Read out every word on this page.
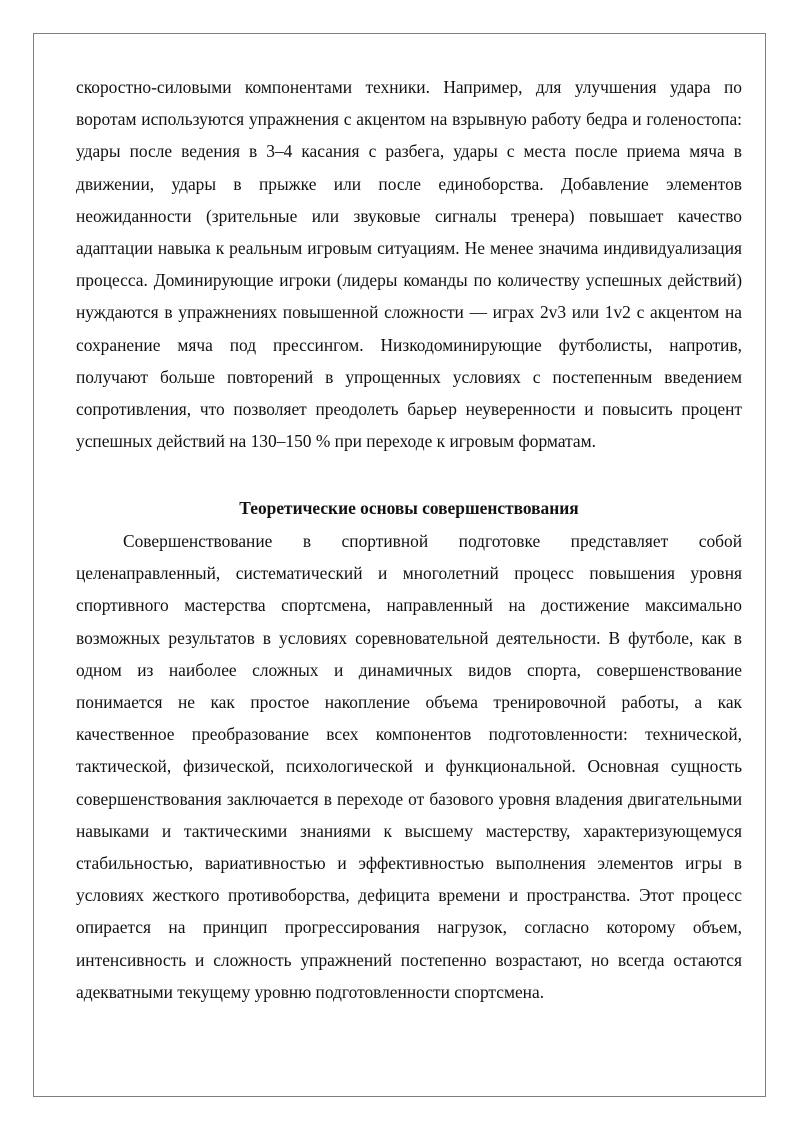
скоростно-силовыми компонентами техники. Например, для улучшения удара по воротам используются упражнения с акцентом на взрывную работу бедра и голеностопа: удары после ведения в 3–4 касания с разбега, удары с места после приема мяча в движении, удары в прыжке или после единоборства. Добавление элементов неожиданности (зрительные или звуковые сигналы тренера) повышает качество адаптации навыка к реальным игровым ситуациям. Не менее значима индивидуализация процесса. Доминирующие игроки (лидеры команды по количеству успешных действий) нуждаются в упражнениях повышенной сложности — играх 2v3 или 1v2 с акцентом на сохранение мяча под прессингом. Низкодоминирующие футболисты, напротив, получают больше повторений в упрощенных условиях с постепенным введением сопротивления, что позволяет преодолеть барьер неуверенности и повысить процент успешных действий на 130–150 % при переходе к игровым форматам.

Теоретические основы совершенствования

Совершенствование в спортивной подготовке представляет собой целенаправленный, систематический и многолетний процесс повышения уровня спортивного мастерства спортсмена, направленный на достижение максимально возможных результатов в условиях соревновательной деятельности. В футболе, как в одном из наиболее сложных и динамичных видов спорта, совершенствование понимается не как простое накопление объема тренировочной работы, а как качественное преобразование всех компонентов подготовленности: технической, тактической, физической, психологической и функциональной. Основная сущность совершенствования заключается в переходе от базового уровня владения двигательными навыками и тактическими знаниями к высшему мастерству, характеризующемуся стабильностью, вариативностью и эффективностью выполнения элементов игры в условиях жесткого противоборства, дефицита времени и пространства. Этот процесс опирается на принцип прогрессирования нагрузок, согласно которому объем, интенсивность и сложность упражнений постепенно возрастают, но всегда остаются адекватными текущему уровню подготовленности спортсмена.
